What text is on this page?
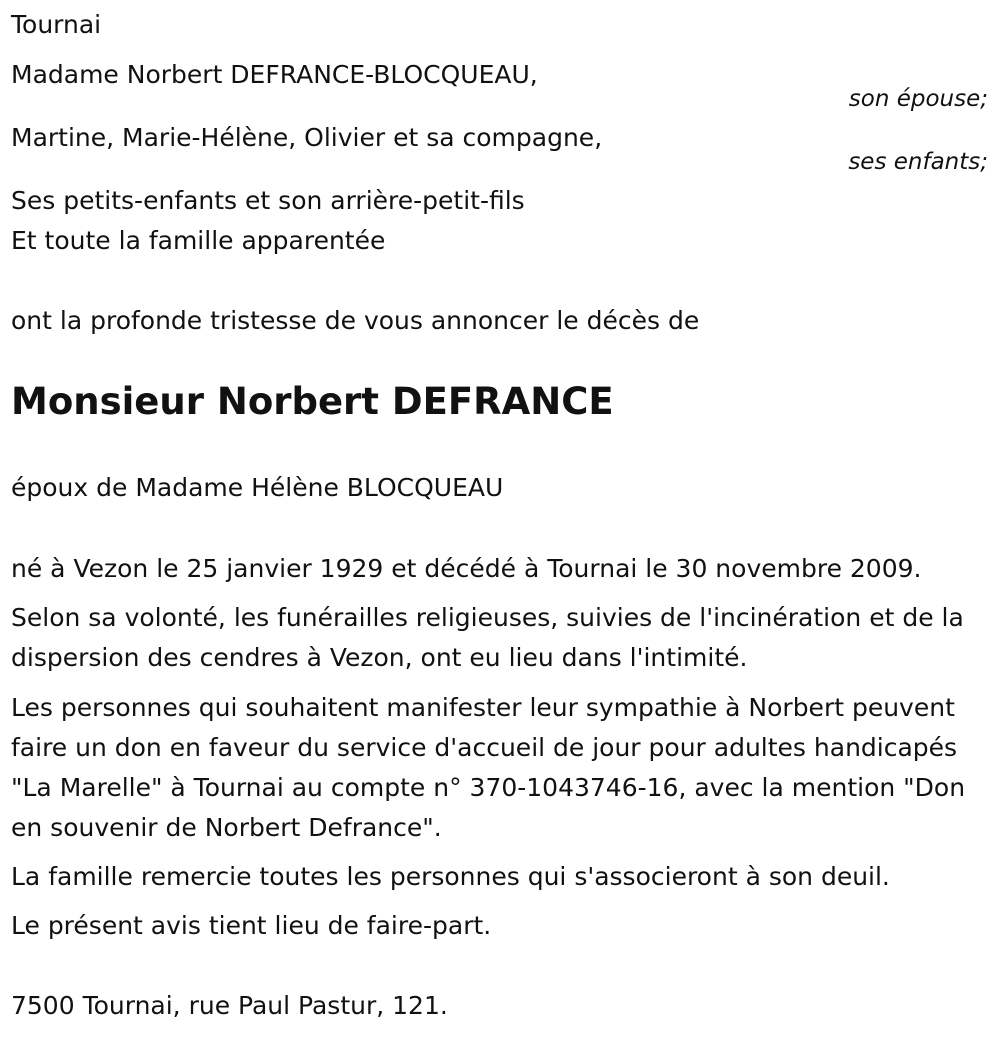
Tournai
Madame Norbert DEFRANCE-BLOCQUEAU,
son épouse;
Martine, Marie-Hélène, Olivier et sa compagne,
ses enfants;
Ses petits-enfants et son arrière-petit-fils
Et toute la famille apparentée
ont la profonde tristesse de vous annoncer le décès de
Monsieur Norbert DEFRANCE
époux de Madame Hélène BLOCQUEAU
né à Vezon le 25 janvier 1929 et décédé à Tournai le 30 novembre 2009.
Selon sa volonté, les funérailles religieuses, suivies de l'incinération et de la dispersion des cendres à Vezon, ont eu lieu dans l'intimité.
Les personnes qui souhaitent manifester leur sympathie à Norbert peuvent faire un don en faveur du service d'accueil de jour pour adultes handicapés "La Marelle" à Tournai au compte n° 370-1043746-16, avec la mention "Don en souvenir de Norbert Defrance".
La famille remercie toutes les personnes qui s'associeront à son deuil.
Le présent avis tient lieu de faire-part.
7500 Tournai, rue Paul Pastur, 121.
